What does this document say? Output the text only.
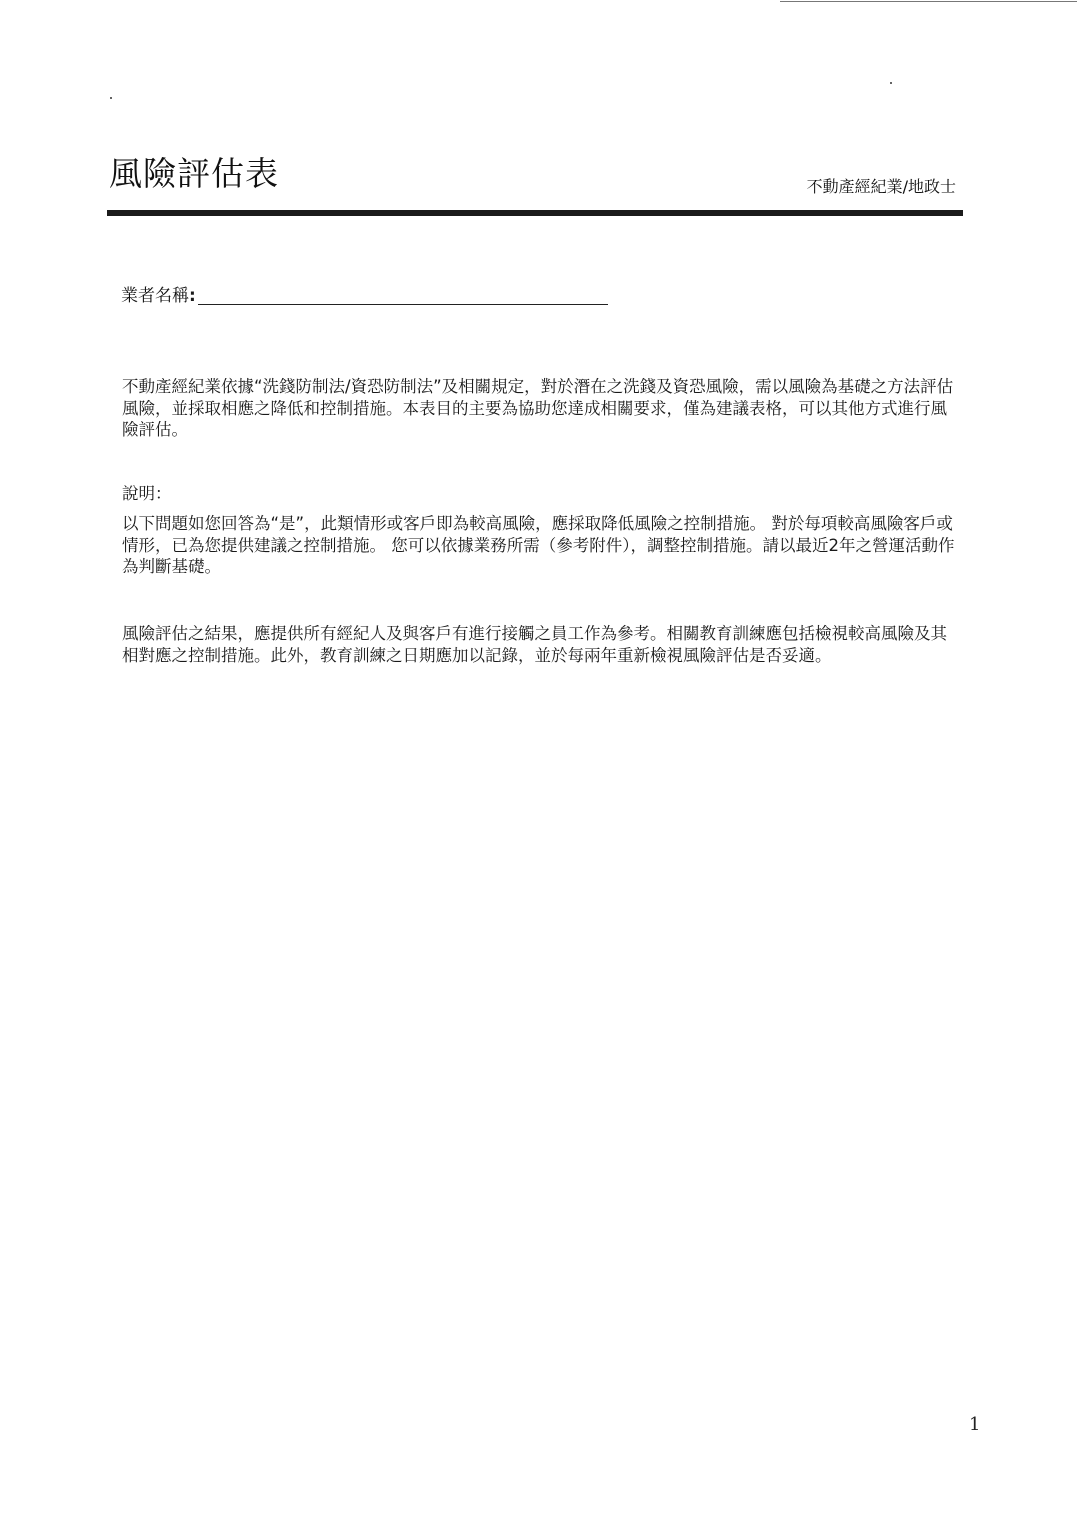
風險評估表	不動產經紀業/地政士
業者名稱 :

不動產經紀業依據“洗錢防制法/資恐防制法”及相關規定，對於潛在之洗錢及資恐風險，需以風險為基礎之方法評估風險，並採取相應之降低和控制措施。本表目的主要為協助您達成相關要求，僅為建議表格，可以其他方式進行風險評估。

說明：

以下問題如您回答為“是”，此類情形或客戶即為較高風險，應採取降低風險之控制措施。 對於每項較高風險客戶或情形，已為您提供建議之控制措施。 您可以依據業務所需（參考附件），調整控制措施。請以最近2年之營運活動作為判斷基礎。

風險評估之結果，應提供所有經紀人及與客戶有進行接觸之員工作為參考。相關教育訓練應包括檢視較高風險及其相對應之控制措施。此外，教育訓練之日期應加以記錄，並於每兩年重新檢視風險評估是否妥適。

1
